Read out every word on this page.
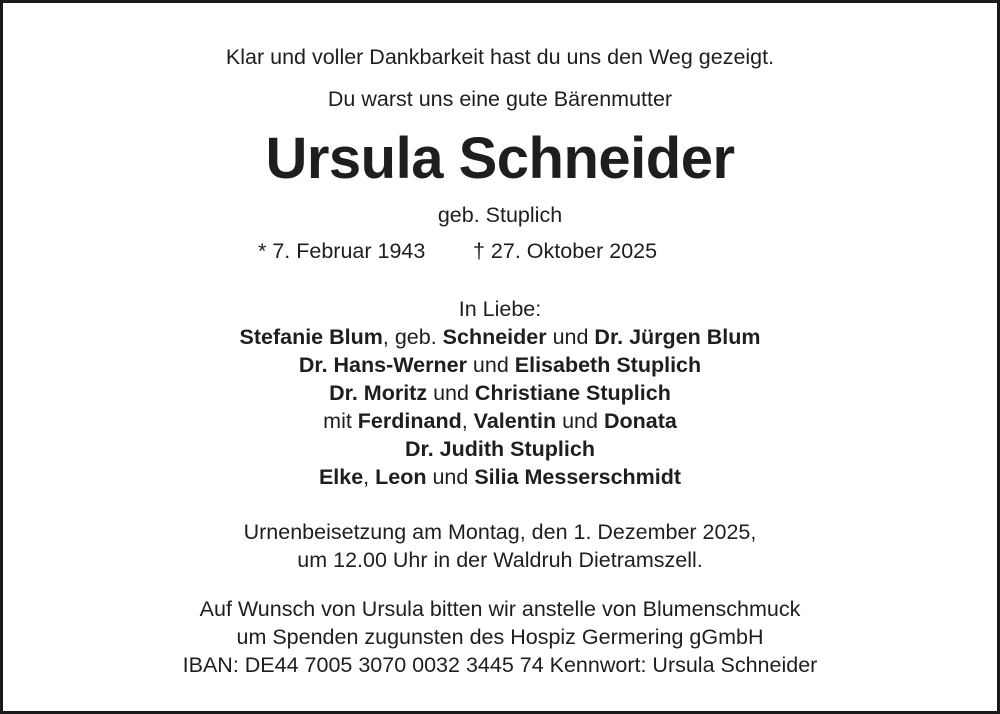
Klar und voller Dankbarkeit hast du uns den Weg gezeigt.
Du warst uns eine gute Bärenmutter
Ursula Schneider
geb. Stuplich
* 7. Februar 1943 † 27. Oktober 2025
In Liebe:
Stefanie Blum, geb. Schneider und Dr. Jürgen Blum
Dr. Hans-Werner und Elisabeth Stuplich
Dr. Moritz und Christiane Stuplich
mit Ferdinand, Valentin und Donata
Dr. Judith Stuplich
Elke, Leon und Silia Messerschmidt
Urnenbeisetzung am Montag, den 1. Dezember 2025,
um 12.00 Uhr in der Waldruh Dietramszell.
Auf Wunsch von Ursula bitten wir anstelle von Blumenschmuck
um Spenden zugunsten des Hospiz Germering gGmbH
IBAN: DE44 7005 3070 0032 3445 74 Kennwort: Ursula Schneider
